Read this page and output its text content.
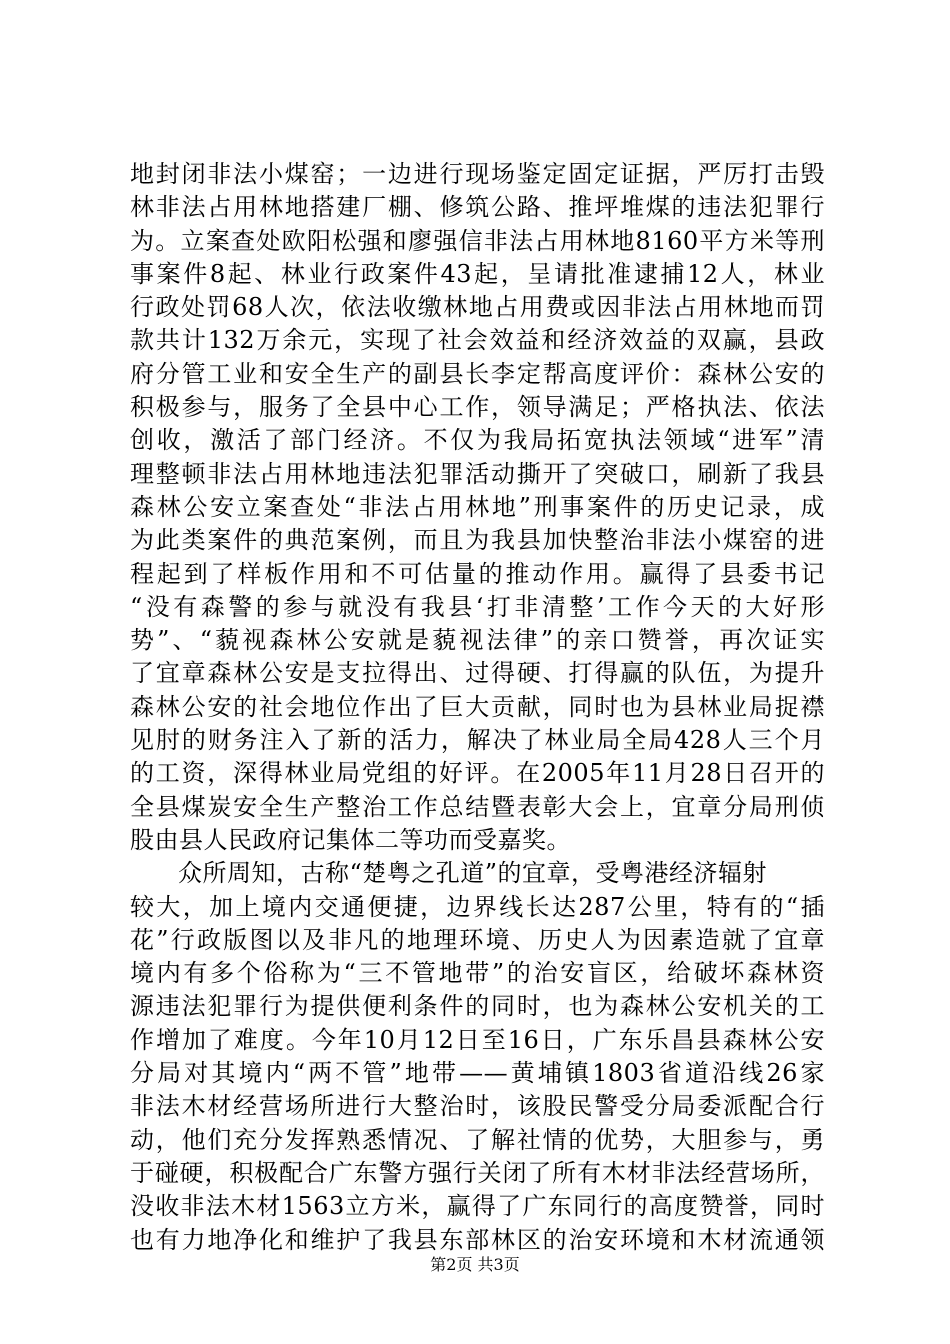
地封闭非法小煤窑；一边进行现场鉴定固定证据，严厉打击毁
林非法占用林地搭建厂棚、修筑公路、推坪堆煤的违法犯罪行
为。立案查处欧阳松强和廖强信非法占用林地8160平方米等刑
事案件8起、林业行政案件43起，呈请批准逮捕12人，林业
行政处罚68人次，依法收缴林地占用费或因非法占用林地而罚
款共计132万余元，实现了社会效益和经济效益的双赢，县政
府分管工业和安全生产的副县长李定帮高度评价：森林公安的
积极参与，服务了全县中心工作，领导满足；严格执法、依法
创收，激活了部门经济。不仅为我局拓宽执法领域“进军”清
理整顿非法占用林地违法犯罪活动撕开了突破口，刷新了我县
森林公安立案查处“非法占用林地”刑事案件的历史记录，成
为此类案件的典范案例，而且为我县加快整治非法小煤窑的进
程起到了样板作用和不可估量的推动作用。赢得了县委书记
“没有森警的参与就没有我县‘打非清整’工作今天的大好形
势”、“藐视森林公安就是藐视法律”的亲口赞誉，再次证实
了宜章森林公安是支拉得出、过得硬、打得赢的队伍，为提升
森林公安的社会地位作出了巨大贡献，同时也为县林业局捉襟
见肘的财务注入了新的活力，解决了林业局全局428人三个月
的工资，深得林业局党组的好评。在2005年11月28日召开的
全县煤炭安全生产整治工作总结暨表彰大会上，宜章分局刑侦
股由县人民政府记集体二等功而受嘉奖。
众所周知，古称“楚粤之孔道”的宜章，受粤港经济辐射
较大，加上境内交通便捷，边界线长达287公里，特有的“插
花”行政版图以及非凡的地理环境、历史人为因素造就了宜章
境内有多个俗称为“三不管地带”的治安盲区，给破坏森林资
源违法犯罪行为提供便利条件的同时，也为森林公安机关的工
作增加了难度。今年10月12日至16日，广东乐昌县森林公安
分局对其境内“两不管”地带——黄埔镇1803省道沿线26家
非法木材经营场所进行大整治时，该股民警受分局委派配合行
动，他们充分发挥熟悉情况、了解社情的优势，大胆参与，勇
于碰硬，积极配合广东警方强行关闭了所有木材非法经营场所，
没收非法木材1563立方米，赢得了广东同行的高度赞誉，同时
也有力地净化和维护了我县东部林区的治安环境和木材流通领
第2页 共3页
